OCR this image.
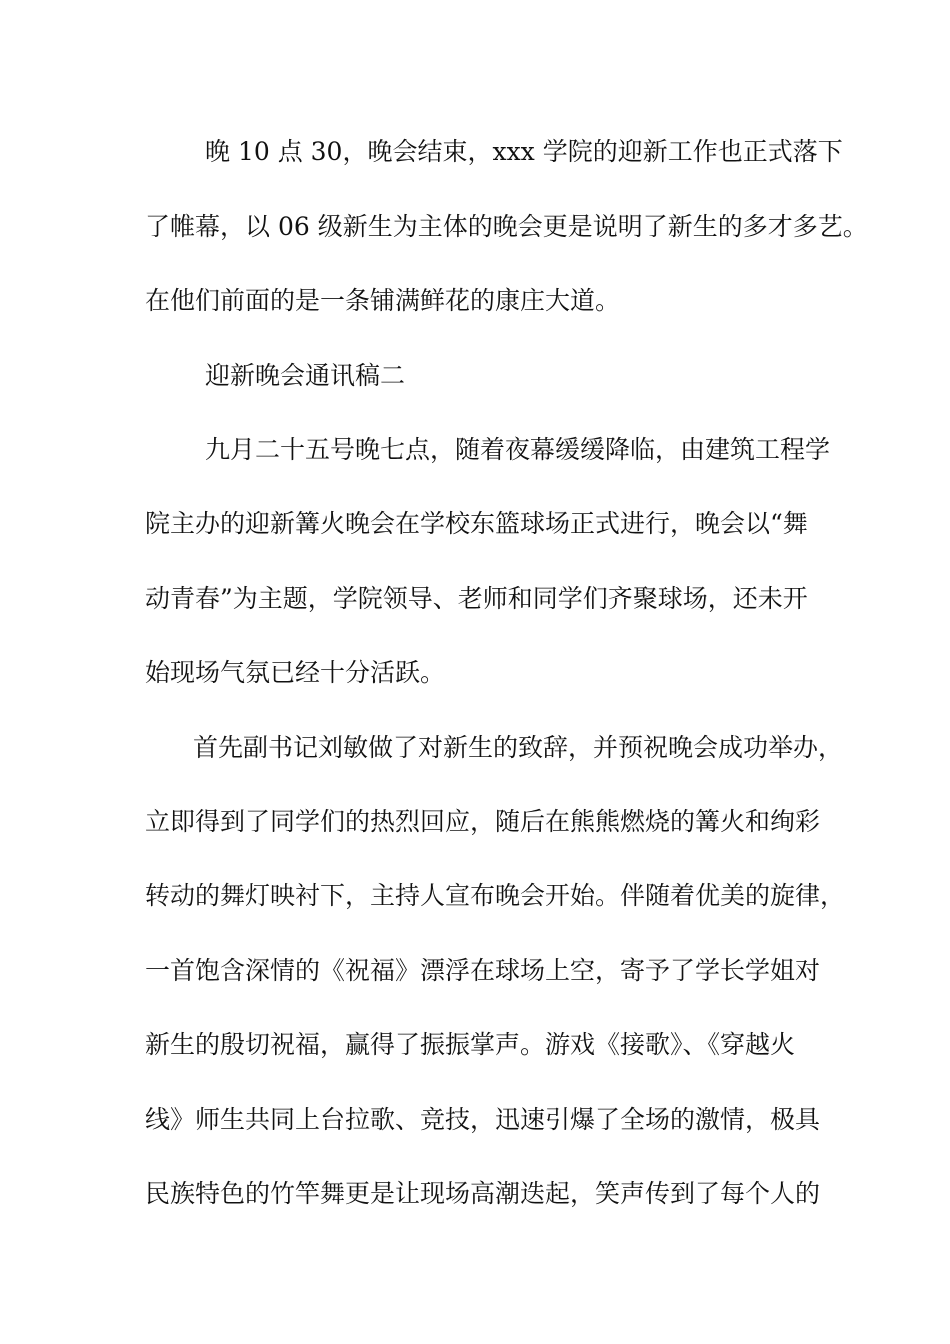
晚 10 点 30，晚会结束，xxx 学院的迎新工作也正式落下
了帷幕，以 06 级新生为主体的晚会更是说明了新生的多才多艺。
在他们前面的是一条铺满鲜花的康庄大道。
迎新晚会通讯稿二
九月二十五号晚七点，随着夜幕缓缓降临，由建筑工程学
院主办的迎新篝火晚会在学校东篮球场正式进行，晚会以“舞
动青春”为主题，学院领导、老师和同学们齐聚球场，还未开
始现场气氛已经十分活跃。
首先副书记刘敏做了对新生的致辞，并预祝晚会成功举办，
立即得到了同学们的热烈回应，随后在熊熊燃烧的篝火和绚彩
转动的舞灯映衬下，主持人宣布晚会开始。伴随着优美的旋律，
一首饱含深情的《祝福》漂浮在球场上空，寄予了学长学姐对
新生的殷切祝福，赢得了振振掌声。游戏《接歌》、《穿越火
线》师生共同上台拉歌、竞技，迅速引爆了全场的激情，极具
民族特色的竹竿舞更是让现场高潮迭起，笑声传到了每个人的
